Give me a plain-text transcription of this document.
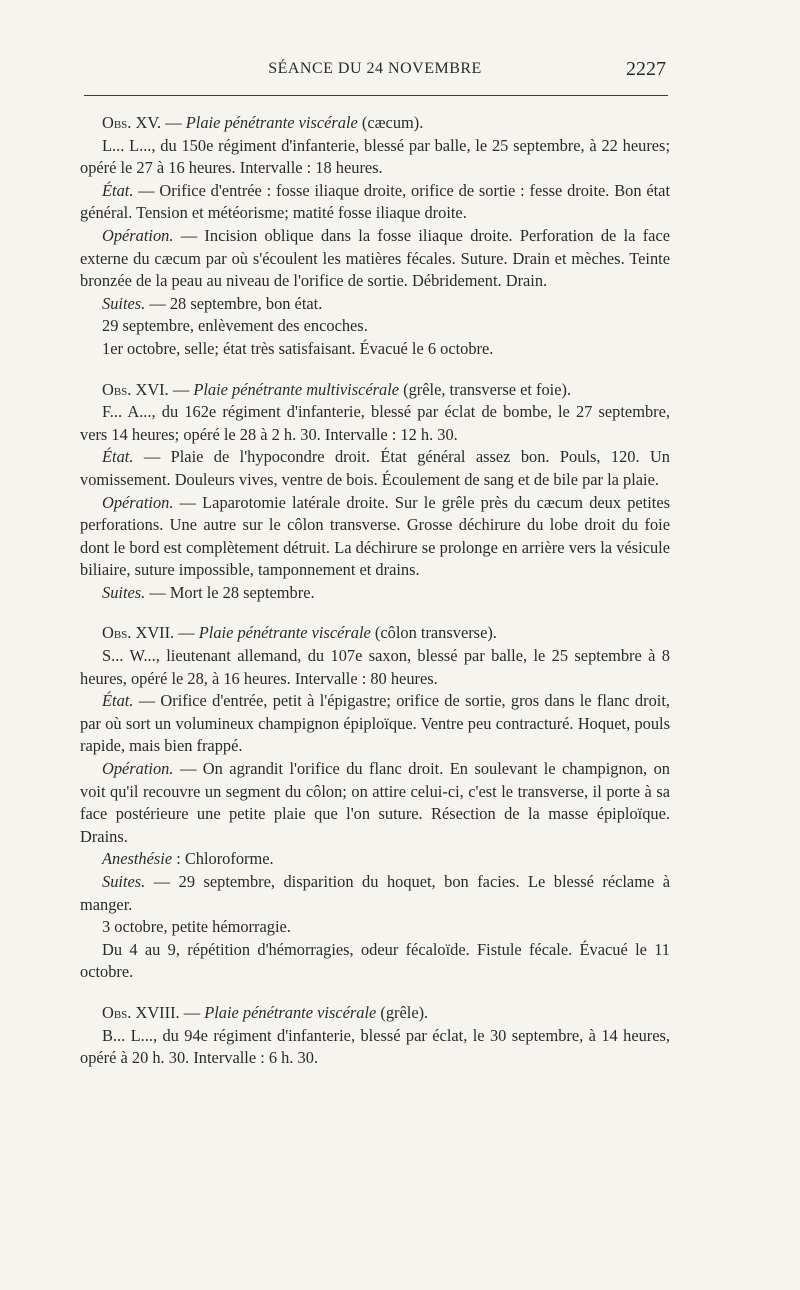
SÉANCE DU 24 NOVEMBRE	2227

Obs. XV. — Plaie pénétrante viscérale (cæcum).

L... L..., du 150e régiment d'infanterie, blessé par balle, le 25 septembre, à 22 heures; opéré le 27 à 16 heures. Intervalle : 18 heures.

État. — Orifice d'entrée : fosse iliaque droite, orifice de sortie : fesse droite. Bon état général. Tension et météorisme; matité fosse iliaque droite.

Opération. — Incision oblique dans la fosse iliaque droite. Perforation de la face externe du cæcum par où s'écoulent les matières fécales. Suture. Drain et mèches. Teinte bronzée de la peau au niveau de l'orifice de sortie. Débridement. Drain.

Suites. — 28 septembre, bon état.

29 septembre, enlèvement des encoches.

1er octobre, selle; état très satisfaisant. Évacué le 6 octobre.

Obs. XVI. — Plaie pénétrante multiviscérale (grêle, transverse et foie).

F... A..., du 162e régiment d'infanterie, blessé par éclat de bombe, le 27 septembre, vers 14 heures; opéré le 28 à 2 h. 30. Intervalle : 12 h. 30.

État. — Plaie de l'hypocondre droit. État général assez bon. Pouls, 120. Un vomissement. Douleurs vives, ventre de bois. Écoulement de sang et de bile par la plaie.

Opération. — Laparotomie latérale droite. Sur le grêle près du cæcum deux petites perforations. Une autre sur le côlon transverse. Grosse déchirure du lobe droit du foie dont le bord est complètement détruit. La déchirure se prolonge en arrière vers la vésicule biliaire, suture impossible, tamponnement et drains.

Suites. — Mort le 28 septembre.

Obs. XVII. — Plaie pénétrante viscérale (côlon transverse).

S... W..., lieutenant allemand, du 107e saxon, blessé par balle, le 25 septembre à 8 heures, opéré le 28, à 16 heures. Intervalle : 80 heures.

État. — Orifice d'entrée, petit à l'épigastre; orifice de sortie, gros dans le flanc droit, par où sort un volumineux champignon épiploïque. Ventre peu contracturé. Hoquet, pouls rapide, mais bien frappé.

Opération. — On agrandit l'orifice du flanc droit. En soulevant le champignon, on voit qu'il recouvre un segment du côlon; on attire celui-ci, c'est le transverse, il porte à sa face postérieure une petite plaie que l'on suture. Résection de la masse épiploïque. Drains.

Anesthésie : Chloroforme.

Suites. — 29 septembre, disparition du hoquet, bon facies. Le blessé réclame à manger.

3 octobre, petite hémorragie.

Du 4 au 9, répétition d'hémorragies, odeur fécaloïde. Fistule fécale. Évacué le 11 octobre.

Obs. XVIII. — Plaie pénétrante viscérale (grêle).

B... L..., du 94e régiment d'infanterie, blessé par éclat, le 30 septembre, à 14 heures, opéré à 20 h. 30. Intervalle : 6 h. 30.
